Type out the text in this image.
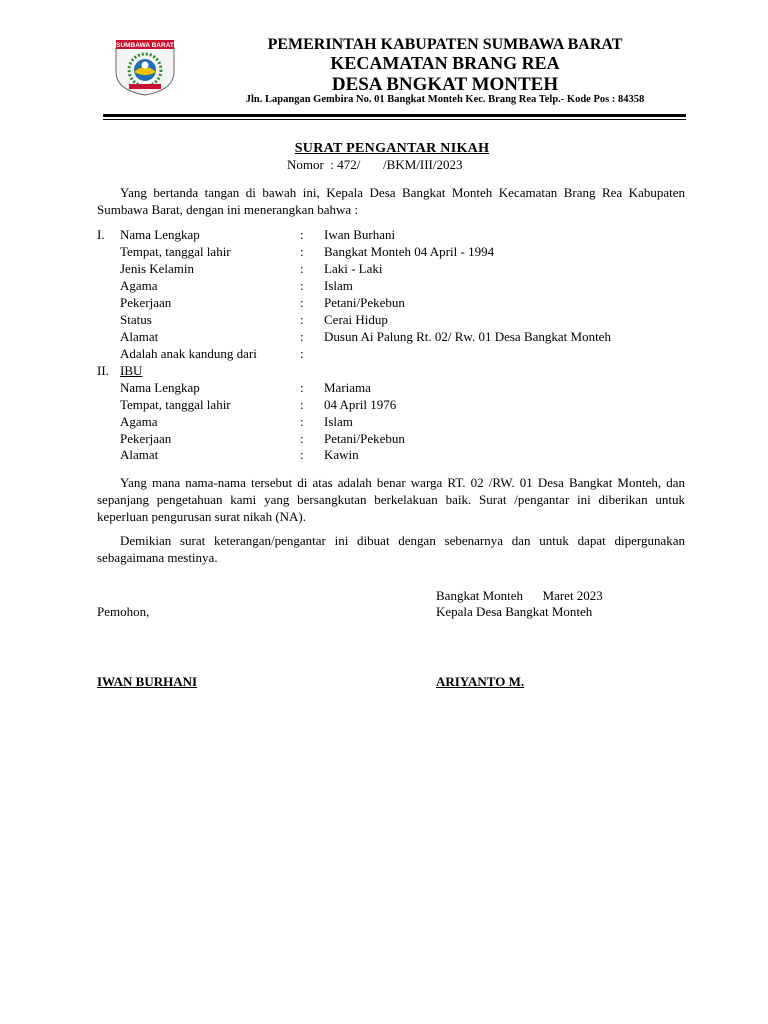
SUMBAWA BARAT	PEMERINTAH KABUPATEN SUMBAWA BARAT
KECAMATAN BRANG REA
DESA BNGKAT MONTEH
Jln. Lapangan Gembira No. 01 Bangkat Monteh Kec. Brang Rea Telp.- Kode Pos : 84358
SURAT PENGANTAR NIKAH
Nomor  : 472/       /BKM/III/2023
Yang bertanda tangan di bawah ini, Kepala Desa Bangkat Monteh Kecamatan Brang Rea Kabupaten Sumbawa Barat, dengan ini menerangkan bahwa :
I. Nama Lengkap	: Iwan Burhani
Tempat, tanggal lahir	: Bangkat Monteh 04 April - 1994
Jenis Kelamin	: Laki - Laki
Agama	: Islam
Pekerjaan	: Petani/Pekebun
Status	: Cerai Hidup
Alamat	: Dusun Ai Palung Rt. 02/ Rw. 01 Desa Bangkat Monteh
Adalah anak kandung dari	:
II. IBU
Nama Lengkap	: Mariama
Tempat, tanggal lahir	: 04 April 1976
Agama	: Islam
Pekerjaan	: Petani/Pekebun
Alamat	: Kawin
Yang mana nama-nama tersebut di atas adalah benar warga RT. 02 /RW. 01 Desa Bangkat Monteh, dan sepanjang pengetahuan kami yang bersangkutan berkelakuan baik. Surat /pengantar ini diberikan untuk keperluan pengurusan surat nikah (NA).
Demikian surat keterangan/pengantar ini dibuat dengan sebenarnya dan untuk dapat dipergunakan sebagaimana mestinya.
Bangkat Monteh      Maret 2023
Pemohon,	Kepala Desa Bangkat Monteh
IWAN BURHANI	ARIYANTO M.
